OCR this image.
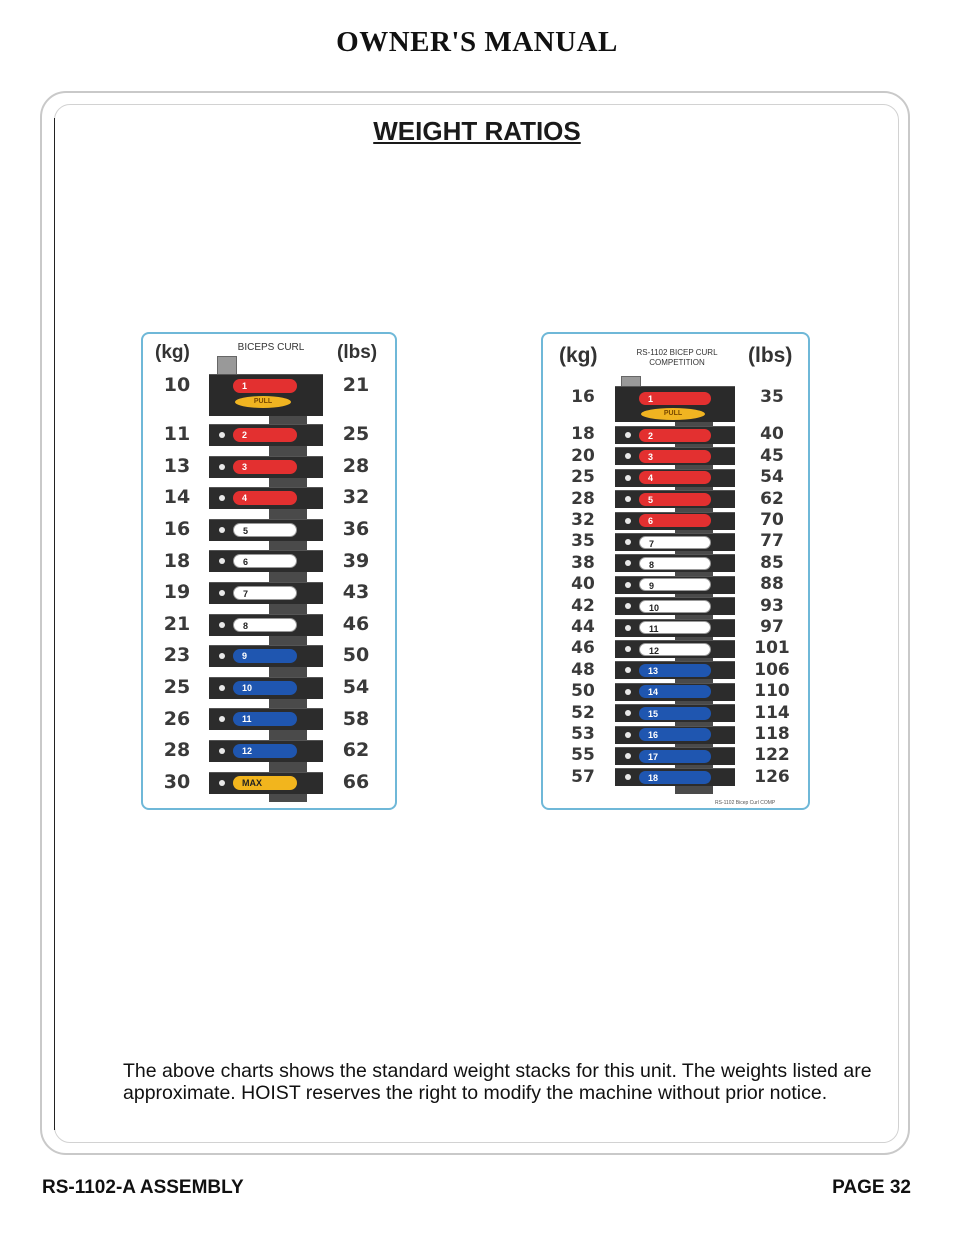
OWNER'S MANUAL
WEIGHT RATIOS
(kg)	BICEPS CURL	(lbs)
10	21
1
PULL
11	25
2
13	28
3
14	32
4
16	36
5
18	39
6
19	43
7
21	46
8
23	50
9
25	54
10
26	58
11
28	62
12
30	66
MAX
(kg)	RS-1102 BICEP CURL COMPETITION	(lbs)
RS-1102 Bicep Curl COMP
16	35
1
PULL
18	40
2
20	45
3
25	54
4
28	62
5
32	70
6
35	77
7
38	85
8
40	88
9
42	93
10
44	97
11
46	101
12
48	106
13
50	110
14
52	114
15
53	118
16
55	122
17
57	126
18
The above charts shows the standard weight stacks for this unit. The weights listed are approximate. HOIST reserves the right to modify the machine without prior notice.
RS-1102-A ASSEMBLY	PAGE 32
